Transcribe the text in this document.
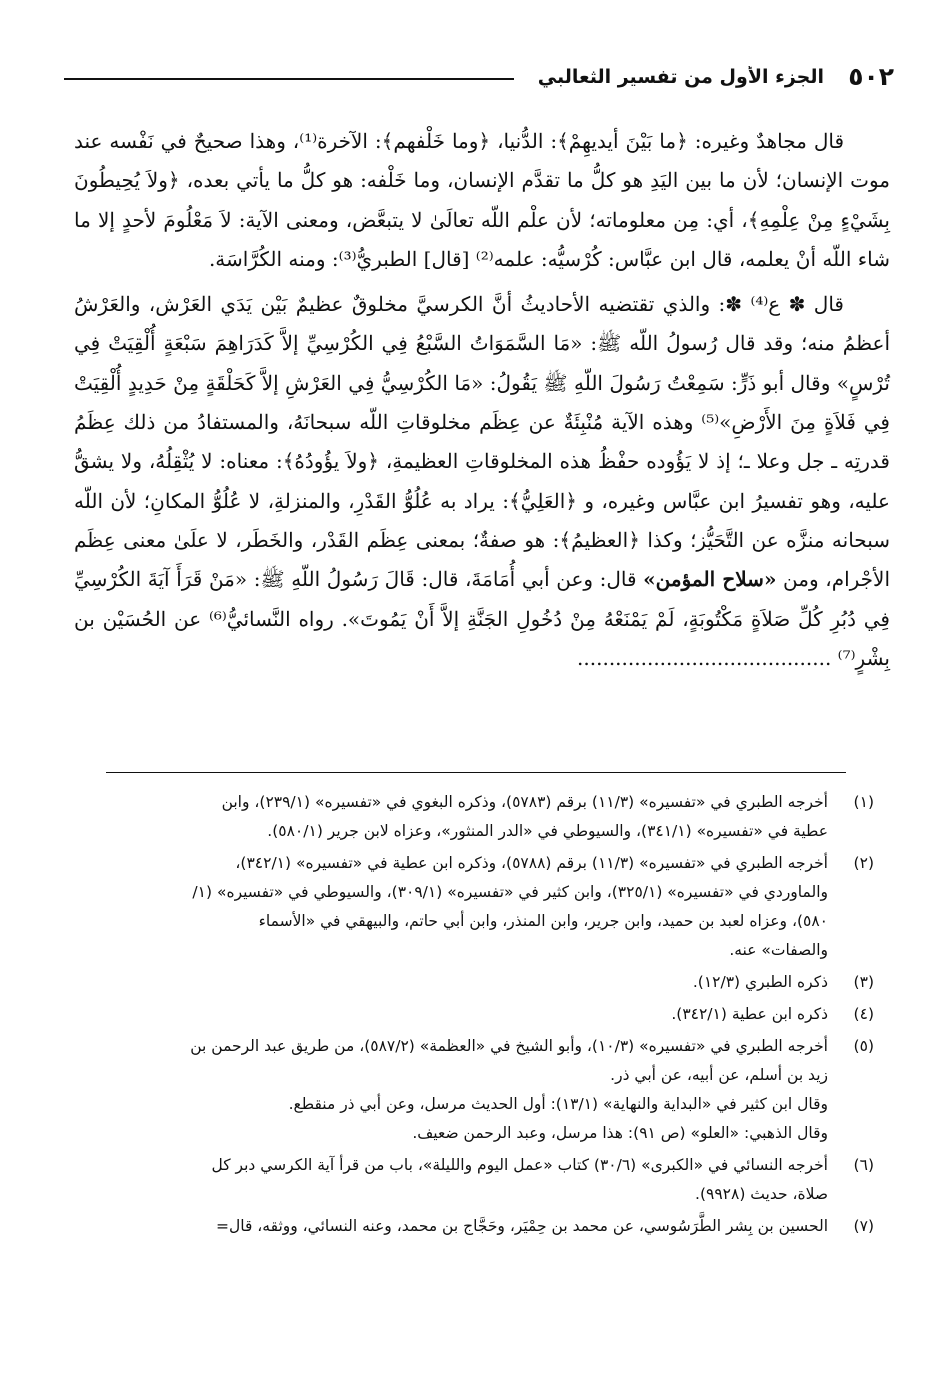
٥٠٢
الجزء الأول من تفسير الثعالبي

قال مجاهدٌ وغيره: ﴿ما بَيْنَ أيديهِمْ﴾: الدُّنيا، ﴿وما خَلْفهم﴾: الآخرة⁽¹⁾، وهذا صحيحٌ في نَفْسه عند موت الإنسان؛ لأن ما بين اليَدِ هو كلُّ ما تقدَّم الإنسان، وما خَلْفه: هو كلُّ ما يأتي بعده، ﴿ولاَ يُحِيطُونَ بِشَيْءٍ مِنْ عِلْمِهِ﴾، أي: مِن معلوماته؛ لأن علْم اللّه تعالَىٰ لا يتبعَّض، ومعنى الآية: لاَ مَعْلُومَ لأحدٍ إلا ما شاء اللّه أنْ يعلمه، قال ابن عبَّاس: كُرْسيُّه: علمه⁽²⁾ [قال] الطبريُّ⁽³⁾: ومنه الكُرَّاسَة.

قال ✽ ع⁽⁴⁾ ✽: والذي تقتضيه الأحاديثُ أنَّ الكرسيَّ مخلوقٌ عظيمٌ بَيْن يَدَي العَرْش، والعَرْشُ أعظمُ منه؛ وقد قال رُسولُ اللّه ﷺ: «مَا السَّمَوَاتُ السَّبْعُ فِي الكُرْسِيِّ إلاَّ كَدَرَاهِمَ سَبْعَةٍ أُلْقِيَتْ فِي تُرْسٍ» وقال أبو ذَرٍّ: سَمِعْتُ رَسُولَ اللّهِ ﷺ يَقُولُ: «مَا الكُرْسِيُّ فِي العَرْشِ إلاَّ كَحَلْقَةٍ مِنْ حَدِيدٍ أُلْقِيَتْ فِي فَلاَةٍ مِنَ الأَرْضِ»⁽⁵⁾ وهذه الآية مُنْبِئَةٌ عن عِظَم مخلوقاتِ اللّه سبحانَهُ، والمستفادُ من ذلك عِظَمُ قدرتِه ـ جل وعلا ـ؛ إذ لا يَؤُوده حفْظُ هذه المخلوقاتِ العظيمةِ، ﴿ولاَ يؤُودُهُ﴾: معناه: لا يُثْقِلُهُ، ولا يشقُّ عليه، وهو تفسيرُ ابن عبَّاس وغيره، و ﴿العَلِيُّ﴾: يراد به عُلُوُّ القَدْرِ، والمنزلةِ، لا عُلُوُّ المكانِ؛ لأن اللّه سبحانه منزَّه عن التَّحَيُّز؛ وكذا ﴿العظيمُ﴾: هو صفةٌ؛ بمعنى عِظَم القَدْر، والخَطَر، لا علَىٰ معنى عِظَم الأجْرام، ومن «سلاح المؤمن» قال: وعن أبي أُمَامَةَ، قال: قَالَ رَسُولُ اللّهِ ﷺ: «مَنْ قَرَأَ آيَةَ الكُرْسِيِّ فِي دُبُرِ كُلِّ صَلاَةٍ مَكْتُوبَةٍ، لَمْ يَمْنَعْهُ مِنْ دُخُولِ الجَنَّةِ إلاَّ أَنْ يَمُوتَ». رواه النَّسائيُّ⁽⁶⁾ عن الحُسَيْن بن بِشْرٍ⁽⁷⁾ ........................................

(١)
أخرجه الطبري في «تفسيره» (١١/٣) برقم (٥٧٨٣)، وذكره البغوي في «تفسيره» (٢٣٩/١)، وابن
عطية في «تفسيره» (٣٤١/١)، والسيوطي في «الدر المنثور»، وعزاه لابن جرير (٥٨٠/١).
(٢)
أخرجه الطبري في «تفسيره» (١١/٣) برقم (٥٧٨٨)، وذكره ابن عطية في «تفسيره» (٣٤٢/١)،
والماوردي في «تفسيره» (٣٢٥/١)، وابن كثير في «تفسيره» (٣٠٩/١)، والسيوطي في «تفسيره» (١/
٥٨٠)، وعزاه لعبد بن حميد، وابن جرير، وابن المنذر، وابن أبي حاتم، والبيهقي في «الأسماء
والصفات» عنه.
(٣)
ذكره الطبري (١٢/٣).
(٤)
ذكره ابن عطية (٣٤٢/١).
(٥)
أخرجه الطبري في «تفسيره» (١٠/٣)، وأبو الشيخ في «العظمة» (٥٨٧/٢)، من طريق عبد الرحمن بن
زيد بن أسلم، عن أبيه، عن أبي ذر.
وقال ابن كثير في «البداية والنهاية» (١٣/١): أول الحديث مرسل، وعن أبي ذر منقطع.
وقال الذهبي: «العلو» (ص ٩١): هذا مرسل، وعبد الرحمن ضعيف.
(٦)
أخرجه النسائي في «الكبرى» (٣٠/٦) كتاب «عمل اليوم والليلة»، باب من قرأ آية الكرسي دبر كل
صلاة، حديث (٩٩٢٨).
(٧)
الحسين بن بِشر الطَّرَسُوسي، عن محمد بن حِمْيَر، وحَجَّاج بن محمد، وعنه النسائي، ووثقه، قال=
